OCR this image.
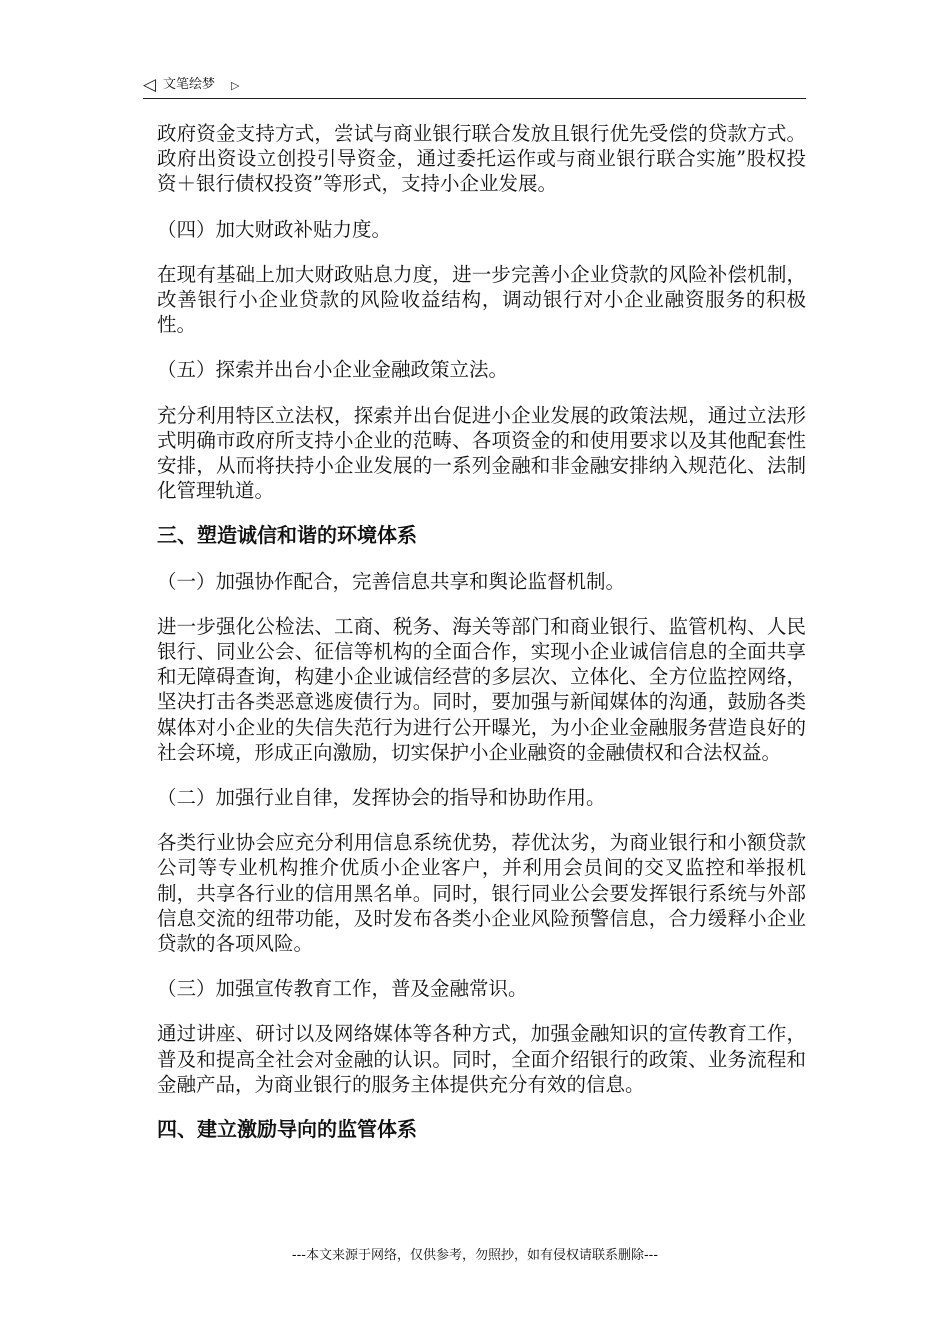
◁ 文笔绘梦 ▷

政府资金支持方式，尝试与商业银行联合发放且银行优先受偿的贷款方式。政府出资设立创投引导资金，通过委托运作或与商业银行联合实施”股权投资＋银行债权投资”等形式，支持小企业发展。

（四）加大财政补贴力度。

在现有基础上加大财政贴息力度，进一步完善小企业贷款的风险补偿机制，改善银行小企业贷款的风险收益结构，调动银行对小企业融资服务的积极性。

（五）探索并出台小企业金融政策立法。

充分利用特区立法权，探索并出台促进小企业发展的政策法规，通过立法形式明确市政府所支持小企业的范畴、各项资金的和使用要求以及其他配套性安排，从而将扶持小企业发展的一系列金融和非金融安排纳入规范化、法制化管理轨道。

三、塑造诚信和谐的环境体系

（一）加强协作配合，完善信息共享和舆论监督机制。

进一步强化公检法、工商、税务、海关等部门和商业银行、监管机构、人民银行、同业公会、征信等机构的全面合作，实现小企业诚信信息的全面共享和无障碍查询，构建小企业诚信经营的多层次、立体化、全方位监控网络，坚决打击各类恶意逃废债行为。同时，要加强与新闻媒体的沟通，鼓励各类媒体对小企业的失信失范行为进行公开曝光，为小企业金融服务营造良好的社会环境，形成正向激励，切实保护小企业融资的金融债权和合法权益。

（二）加强行业自律，发挥协会的指导和协助作用。

各类行业协会应充分利用信息系统优势，荐优汰劣，为商业银行和小额贷款公司等专业机构推介优质小企业客户，并利用会员间的交叉监控和举报机制，共享各行业的信用黑名单。同时，银行同业公会要发挥银行系统与外部信息交流的纽带功能，及时发布各类小企业风险预警信息，合力缓释小企业贷款的各项风险。

（三）加强宣传教育工作，普及金融常识。

通过讲座、研讨以及网络媒体等各种方式，加强金融知识的宣传教育工作，普及和提高全社会对金融的认识。同时，全面介绍银行的政策、业务流程和金融产品，为商业银行的服务主体提供充分有效的信息。

四、建立激励导向的监管体系

---本文来源于网络，仅供参考，勿照抄，如有侵权请联系删除---
